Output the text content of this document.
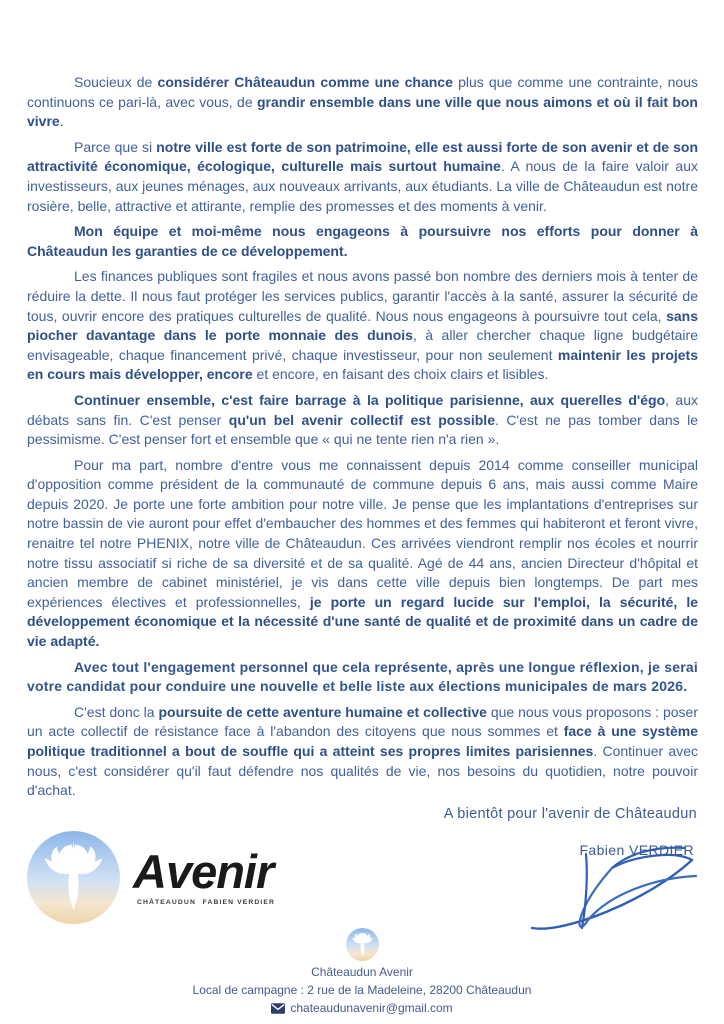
Soucieux de considérer Châteaudun comme une chance plus que comme une contrainte, nous continuons ce pari-là, avec vous, de grandir ensemble dans une ville que nous aimons et où il fait bon vivre.

Parce que si notre ville est forte de son patrimoine, elle est aussi forte de son avenir et de son attractivité économique, écologique, culturelle mais surtout humaine. A nous de la faire valoir aux investisseurs, aux jeunes ménages, aux nouveaux arrivants, aux étudiants. La ville de Châteaudun est notre rosière, belle, attractive et attirante, remplie des promesses et des moments à venir.

Mon équipe et moi-même nous engageons à poursuivre nos efforts pour donner à Châteaudun les garanties de ce développement.

Les finances publiques sont fragiles et nous avons passé bon nombre des derniers mois à tenter de réduire la dette. Il nous faut protéger les services publics, garantir l'accès à la santé, assurer la sécurité de tous, ouvrir encore des pratiques culturelles de qualité. Nous nous engageons à poursuivre tout cela, sans piocher davantage dans le porte monnaie des dunois, à aller chercher chaque ligne budgétaire envisageable, chaque financement privé, chaque investisseur, pour non seulement maintenir les projets en cours mais développer, encore et encore, en faisant des choix clairs et lisibles.

Continuer ensemble, c'est faire barrage à la politique parisienne, aux querelles d'égo, aux débats sans fin. C'est penser qu'un bel avenir collectif est possible. C'est ne pas tomber dans le pessimisme. C'est penser fort et ensemble que « qui ne tente rien n'a rien ».

Pour ma part, nombre d'entre vous me connaissent depuis 2014 comme conseiller municipal d'opposition comme président de la communauté de commune depuis 6 ans, mais aussi comme Maire depuis 2020. Je porte une forte ambition pour notre ville. Je pense que les implantations d'entreprises sur notre bassin de vie auront pour effet d'embaucher des hommes et des femmes qui habiteront et feront vivre, renaitre tel notre PHENIX, notre ville de Châteaudun. Ces arrivées viendront remplir nos écoles et nourrir notre tissu associatif si riche de sa diversité et de sa qualité. Agé de 44 ans, ancien Directeur d'hôpital et ancien membre de cabinet ministériel, je vis dans cette ville depuis bien longtemps. De part mes expériences électives et professionnelles, je porte un regard lucide sur l'emploi, la sécurité, le développement économique et la nécessité d'une santé de qualité et de proximité dans un cadre de vie adapté.

Avec tout l'engagement personnel que cela représente, après une longue réflexion, je serai votre candidat pour conduire une nouvelle et belle liste aux élections municipales de mars 2026.

C'est donc la poursuite de cette aventure humaine et collective que nous vous proposons : poser un acte collectif de résistance face à l'abandon des citoyens que nous sommes et face à une système politique traditionnel a bout de souffle qui a atteint ses propres limites parisiennes. Continuer avec nous, c'est considérer qu'il faut défendre nos qualités de vie, nos besoins du quotidien, notre pouvoir d'achat.

A bientôt pour l'avenir de Châteaudun
Fabien VERDIER
Avenir
CHÂTEAUDUN FABIEN VERDIER
Châteaudun Avenir
Local de campagne : 2 rue de la Madeleine, 28200 Châteaudun
chateaudunavenir@gmail.com
